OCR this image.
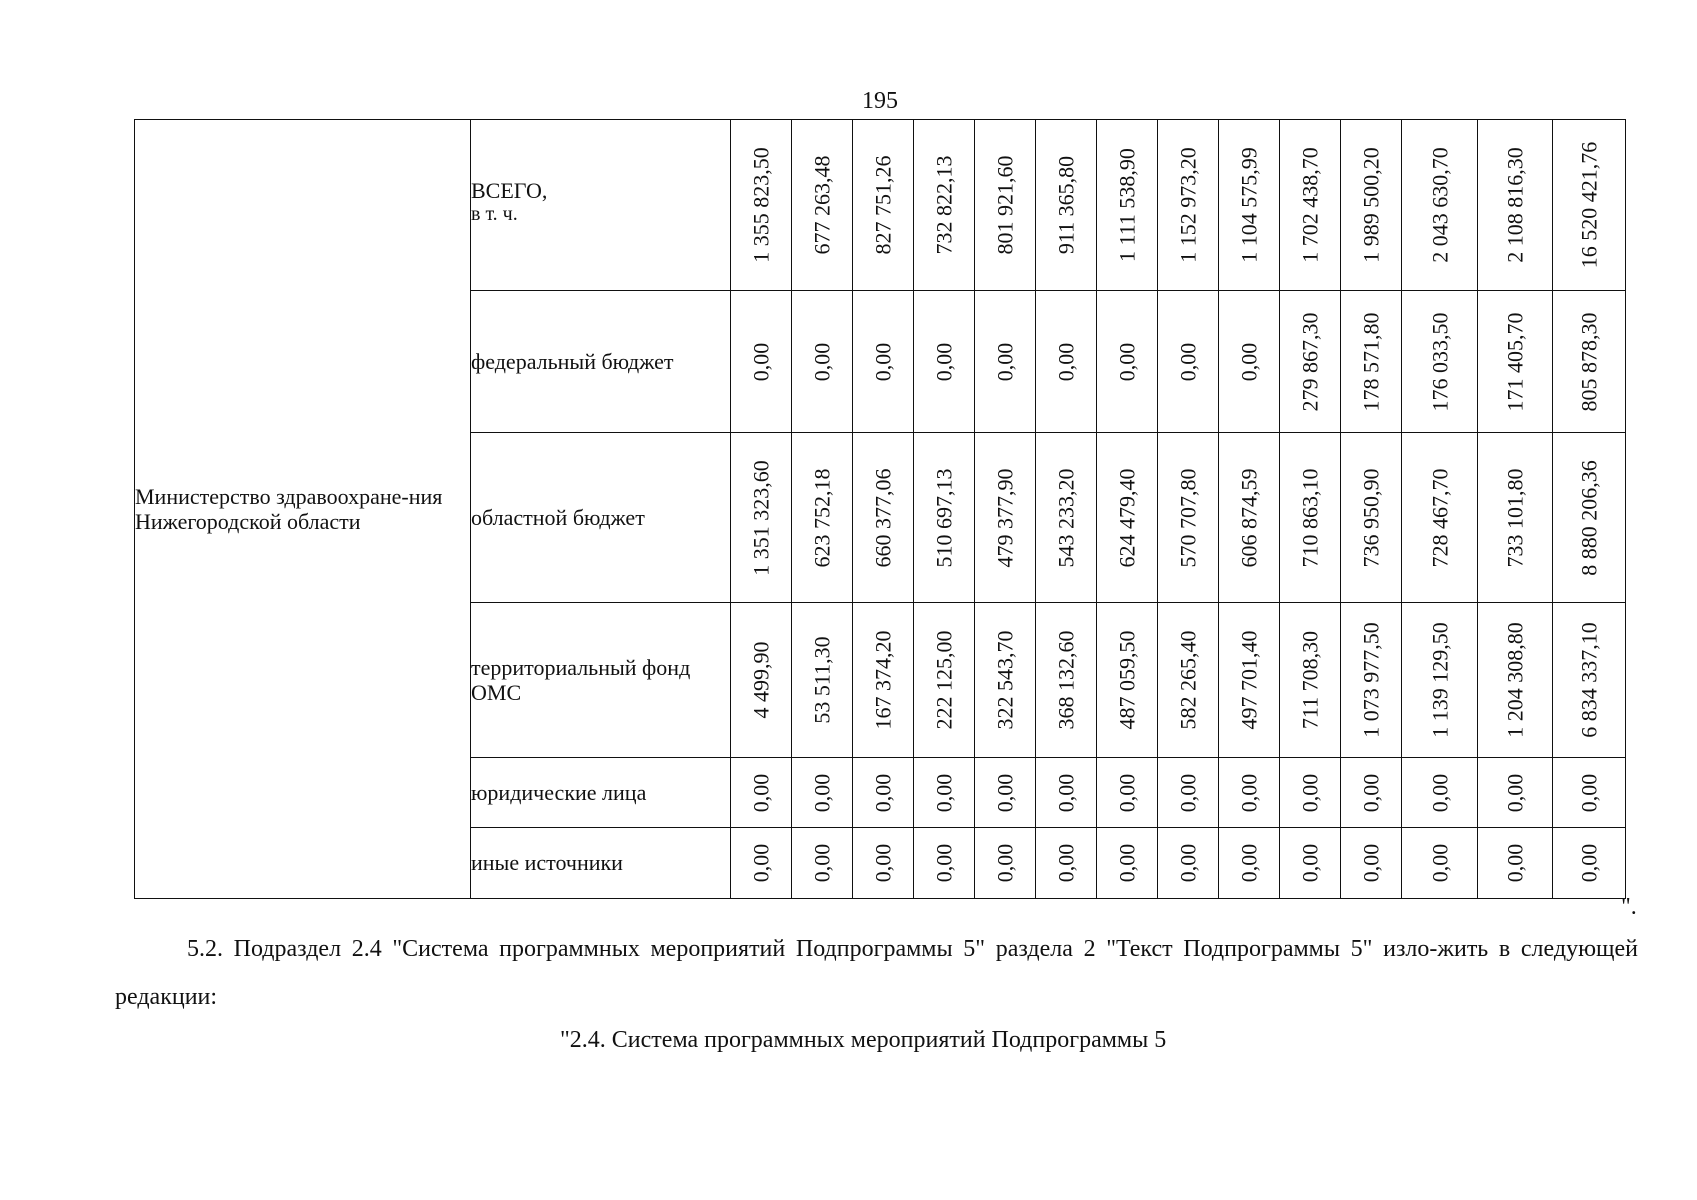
195
Министерство здравоохране-ния Нижегородской области	ВСЕГО,
в т. ч.	1 355 823,50	677 263,48	827 751,26	732 822,13	801 921,60	911 365,80	1 111 538,90	1 152 973,20	1 104 575,99	1 702 438,70	1 989 500,20	2 043 630,70	2 108 816,30	16 520 421,76

	федеральный бюджет	0,00	0,00	0,00	0,00	0,00	0,00	0,00	0,00	0,00	279 867,30	178 571,80	176 033,50	171 405,70	805 878,30

	областной бюджет	1 351 323,60	623 752,18	660 377,06	510 697,13	479 377,90	543 233,20	624 479,40	570 707,80	606 874,59	710 863,10	736 950,90	728 467,70	733 101,80	8 880 206,36

	территориальный фонд ОМС	4 499,90	53 511,30	167 374,20	222 125,00	322 543,70	368 132,60	487 059,50	582 265,40	497 701,40	711 708,30	1 073 977,50	1 139 129,50	1 204 308,80	6 834 337,10

	юридические лица	0,00	0,00	0,00	0,00	0,00	0,00	0,00	0,00	0,00	0,00	0,00	0,00	0,00	0,00

	иные источники	0,00	0,00	0,00	0,00	0,00	0,00	0,00	0,00	0,00	0,00	0,00	0,00	0,00	0,00
".
5.2. Подраздел 2.4 "Система программных мероприятий Подпрограммы 5" раздела 2 "Текст Подпрограммы 5" изло-жить в следующей редакции:
"2.4. Система программных мероприятий Подпрограммы 5
